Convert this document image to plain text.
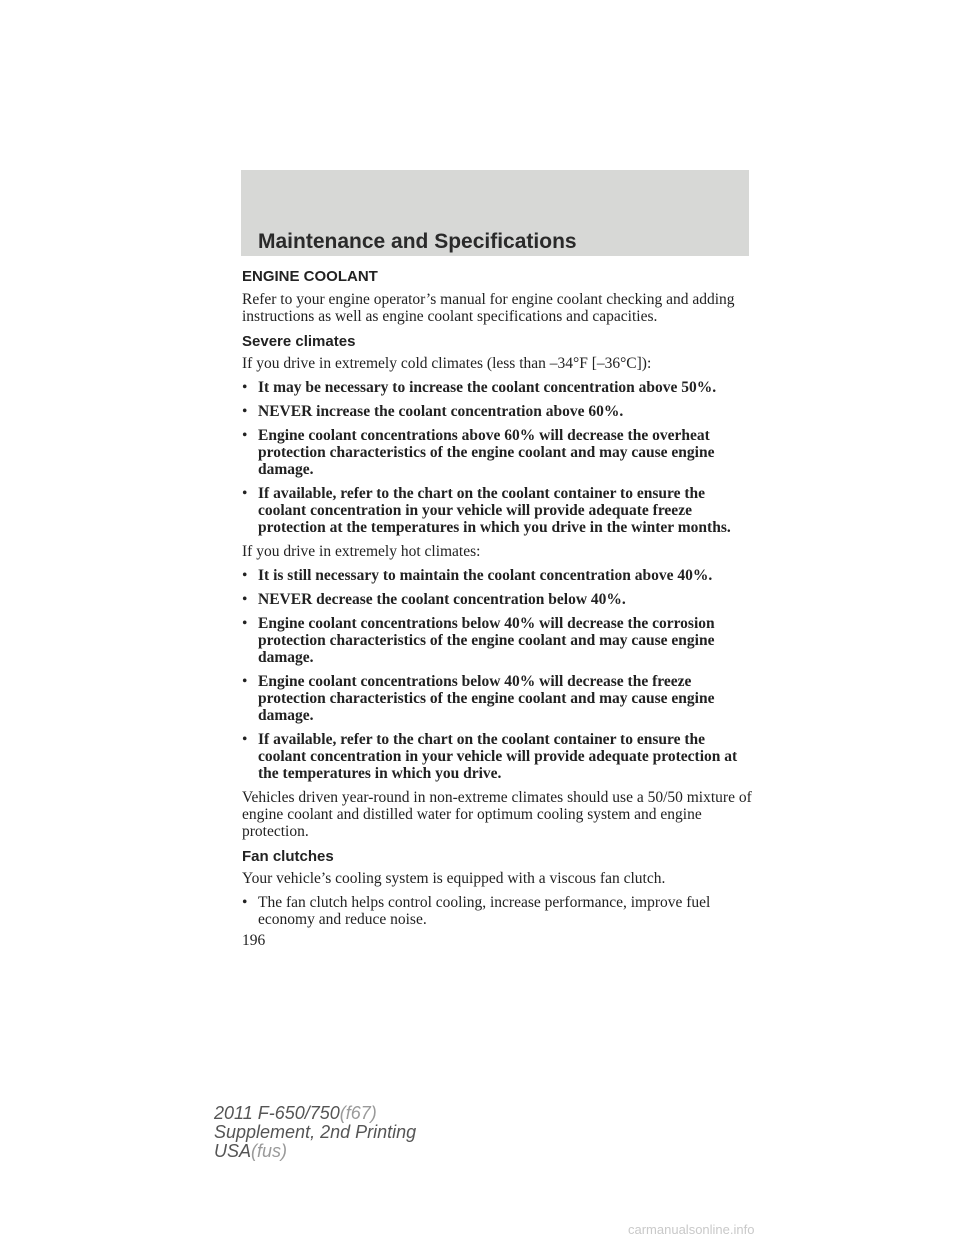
Maintenance and Specifications
ENGINE COOLANT

Refer to your engine operator’s manual for engine coolant checking and adding instructions as well as engine coolant specifications and capacities.

Severe climates

If you drive in extremely cold climates (less than –34°F [–36°C]):

• It may be necessary to increase the coolant concentration above 50%.
• NEVER increase the coolant concentration above 60%.
• Engine coolant concentrations above 60% will decrease the overheat protection characteristics of the engine coolant and may cause engine damage.
• If available, refer to the chart on the coolant container to ensure the coolant concentration in your vehicle will provide adequate freeze protection at the temperatures in which you drive in the winter months.

If you drive in extremely hot climates:

• It is still necessary to maintain the coolant concentration above 40%.
• NEVER decrease the coolant concentration below 40%.
• Engine coolant concentrations below 40% will decrease the corrosion protection characteristics of the engine coolant and may cause engine damage.
• Engine coolant concentrations below 40% will decrease the freeze protection characteristics of the engine coolant and may cause engine damage.
• If available, refer to the chart on the coolant container to ensure the coolant concentration in your vehicle will provide adequate protection at the temperatures in which you drive.

Vehicles driven year-round in non-extreme climates should use a 50/50 mixture of engine coolant and distilled water for optimum cooling system and engine protection.

Fan clutches

Your vehicle’s cooling system is equipped with a viscous fan clutch.

• The fan clutch helps control cooling, increase performance, improve fuel economy and reduce noise.
196
2011 F-650/750(f67)
Supplement, 2nd Printing
USA(fus)
carmanualsonline.info
